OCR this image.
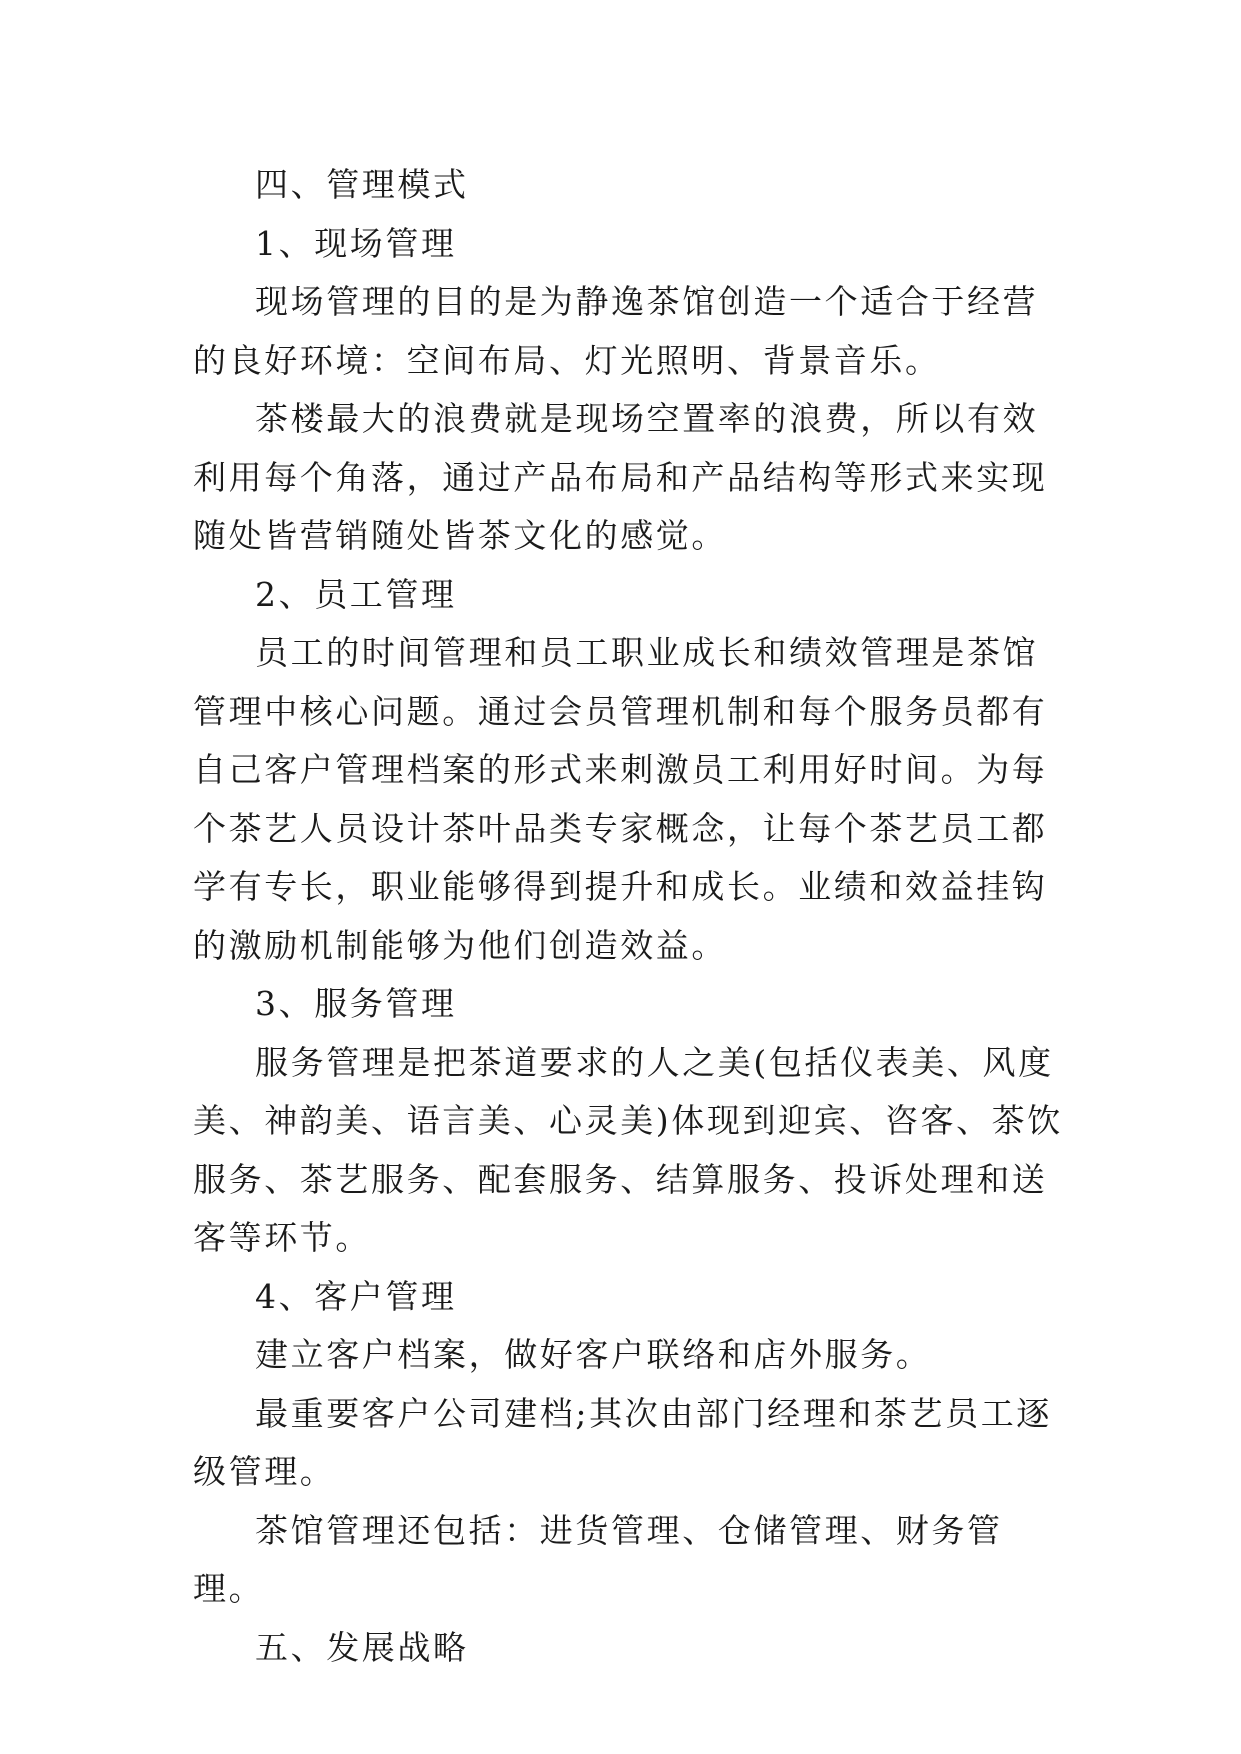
四、管理模式

1、现场管理

现场管理的目的是为静逸茶馆创造一个适合于经营的良好环境：空间布局、灯光照明、背景音乐。

茶楼最大的浪费就是现场空置率的浪费，所以有效利用每个角落，通过产品布局和产品结构等形式来实现随处皆营销随处皆茶文化的感觉。

2、员工管理

员工的时间管理和员工职业成长和绩效管理是茶馆管理中核心问题。通过会员管理机制和每个服务员都有自己客户管理档案的形式来刺激员工利用好时间。为每个茶艺人员设计茶叶品类专家概念，让每个茶艺员工都学有专长，职业能够得到提升和成长。业绩和效益挂钩的激励机制能够为他们创造效益。

3、服务管理

服务管理是把茶道要求的人之美(包括仪表美、风度美、神韵美、语言美、心灵美)体现到迎宾、咨客、茶饮服务、茶艺服务、配套服务、结算服务、投诉处理和送客等环节。

4、客户管理

建立客户档案，做好客户联络和店外服务。

最重要客户公司建档;其次由部门经理和茶艺员工逐级管理。

茶馆管理还包括：进货管理、仓储管理、财务管理。

五、发展战略
